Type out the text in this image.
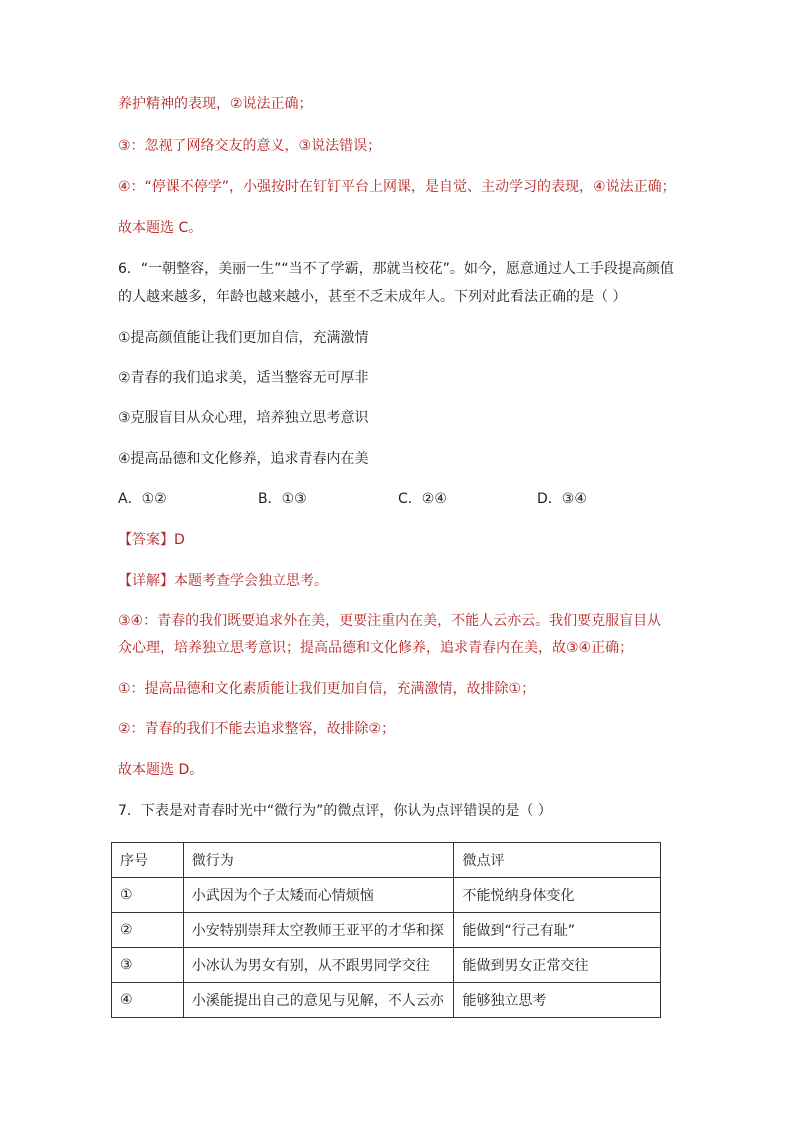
养护精神的表现，②说法正确；
③：忽视了网络交友的意义，③说法错误；
④：“停课不停学”，小强按时在钉钉平台上网课，是自觉、主动学习的表现，④说法正确；
故本题选 C。
6．“一朝整容，美丽一生”“当不了学霸，那就当校花”。如今，愿意通过人工手段提高颜值
的人越来越多，年龄也越来越小，甚至不乏未成年人。下列对此看法正确的是（ ）
①提高颜值能让我们更加自信，充满激情
②青春的我们追求美，适当整容无可厚非
③克服盲目从众心理，培养独立思考意识
④提高品德和文化修养，追求青春内在美
A．①②	B．①③	C．②④	D．③④
【答案】D
【详解】本题考查学会独立思考。
③④：青春的我们既要追求外在美，更要注重内在美，不能人云亦云。我们要克服盲目从
众心理，培养独立思考意识；提高品德和文化修养，追求青春内在美，故③④正确；
①：提高品德和文化素质能让我们更加自信，充满激情，故排除①；
②：青春的我们不能去追求整容，故排除②；
故本题选 D。
7．下表是对青春时光中“微行为”的微点评，你认为点评错误的是（ ）
序号	微行为	微点评
①	小武因为个子太矮而心情烦恼	不能悦纳身体变化
②	小安特别崇拜太空教师王亚平的才华和探	能做到“行己有耻”
③	小冰认为男女有别，从不跟男同学交往	能做到男女正常交往
④	小溪能提出自己的意见与见解，不人云亦	能够独立思考
